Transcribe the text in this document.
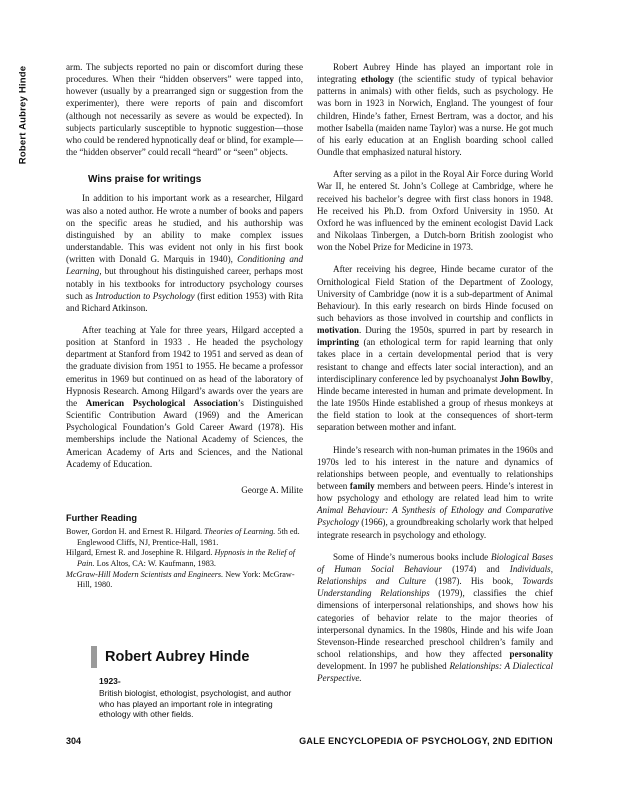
Robert Aubrey Hinde	arm. The subjects reported no pain or discomfort during these procedures. When their “hidden observers” were tapped into, however (usually by a prearranged sign or suggestion from the experimenter), there were reports of pain and discomfort (although not necessarily as severe as would be expected). In subjects particularly susceptible to hypnotic suggestion—those who could be rendered hypnotically deaf or blind, for example—the “hidden observer” could recall “heard” or “seen” objects.

Wins praise for writings

In addition to his important work as a researcher, Hilgard was also a noted author. He wrote a number of books and papers on the specific areas he studied, and his authorship was distinguished by an ability to make complex issues understandable. This was evident not only in his first book (written with Donald G. Marquis in 1940), Conditioning and Learning, but throughout his distinguished career, perhaps most notably in his textbooks for introductory psychology courses such as Introduction to Psychology (first edition 1953) with Rita and Richard Atkinson.

After teaching at Yale for three years, Hilgard accepted a position at Stanford in 1933 . He headed the psychology department at Stanford from 1942 to 1951 and served as dean of the graduate division from 1951 to 1955. He became a professor emeritus in 1969 but continued on as head of the laboratory of Hypnosis Research. Among Hilgard’s awards over the years are the American Psychological Association’s Distinguished Scientific Contribution Award (1969) and the American Psychological Foundation’s Gold Career Award (1978). His memberships include the National Academy of Sciences, the American Academy of Arts and Sciences, and the National Academy of Education.

George A. Milite

Further Reading

Bower, Gordon H. and Ernest R. Hilgard. Theories of Learning. 5th ed. Englewood Cliffs, NJ, Prentice-Hall, 1981.

Hilgard, Ernest R. and Josephine R. Hilgard. Hypnosis in the Relief of Pain. Los Altos, CA: W. Kaufmann, 1983.

McGraw-Hill Modern Scientists and Engineers. New York: McGraw-Hill, 1980.

Robert Aubrey Hinde
1923-
British biologist, ethologist, psychologist, and author who has played an important role in integrating ethology with other fields.

Robert Aubrey Hinde has played an important role in integrating ethology (the scientific study of typical behavior patterns in animals) with other fields, such as psychology. He was born in 1923 in Norwich, England. The youngest of four children, Hinde’s father, Ernest Bertram, was a doctor, and his mother Isabella (maiden name Taylor) was a nurse. He got much of his early education at an English boarding school called Oundle that emphasized natural history.

After serving as a pilot in the Royal Air Force during World War II, he entered St. John’s College at Cambridge, where he received his bachelor’s degree with first class honors in 1948. He received his Ph.D. from Oxford University in 1950. At Oxford he was influenced by the eminent ecologist David Lack and Nikolaas Tinbergen, a Dutch-born British zoologist who won the Nobel Prize for Medicine in 1973.

After receiving his degree, Hinde became curator of the Ornithological Field Station of the Department of Zoology, University of Cambridge (now it is a sub-department of Animal Behaviour). In this early research on birds Hinde focused on such behaviors as those involved in courtship and conflicts in motivation. During the 1950s, spurred in part by research in imprinting (an ethological term for rapid learning that only takes place in a certain developmental period that is very resistant to change and effects later social interaction), and an interdisciplinary conference led by psychoanalyst John Bowlby, Hinde became interested in human and primate development. In the late 1950s Hinde established a group of rhesus monkeys at the field station to look at the consequences of short-term separation between mother and infant.

Hinde’s research with non-human primates in the 1960s and 1970s led to his interest in the nature and dynamics of relationships between people, and eventually to relationships between family members and between peers. Hinde’s interest in how psychology and ethology are related lead him to write Animal Behaviour: A Synthesis of Ethology and Comparative Psychology (1966), a groundbreaking scholarly work that helped integrate research in psychology and ethology.

Some of Hinde’s numerous books include Biological Bases of Human Social Behaviour (1974) and Individuals, Relationships and Culture (1987). His book, Towards Understanding Relationships (1979), classifies the chief dimensions of interpersonal relationships, and shows how his categories of behavior relate to the major theories of interpersonal dynamics. In the 1980s, Hinde and his wife Joan Stevenson-Hinde researched preschool children’s family and school relationships, and how they affected personality development. In 1997 he published Relationships: A Dialectical Perspective.

304	GALE ENCYCLOPEDIA OF PSYCHOLOGY, 2ND EDITION
